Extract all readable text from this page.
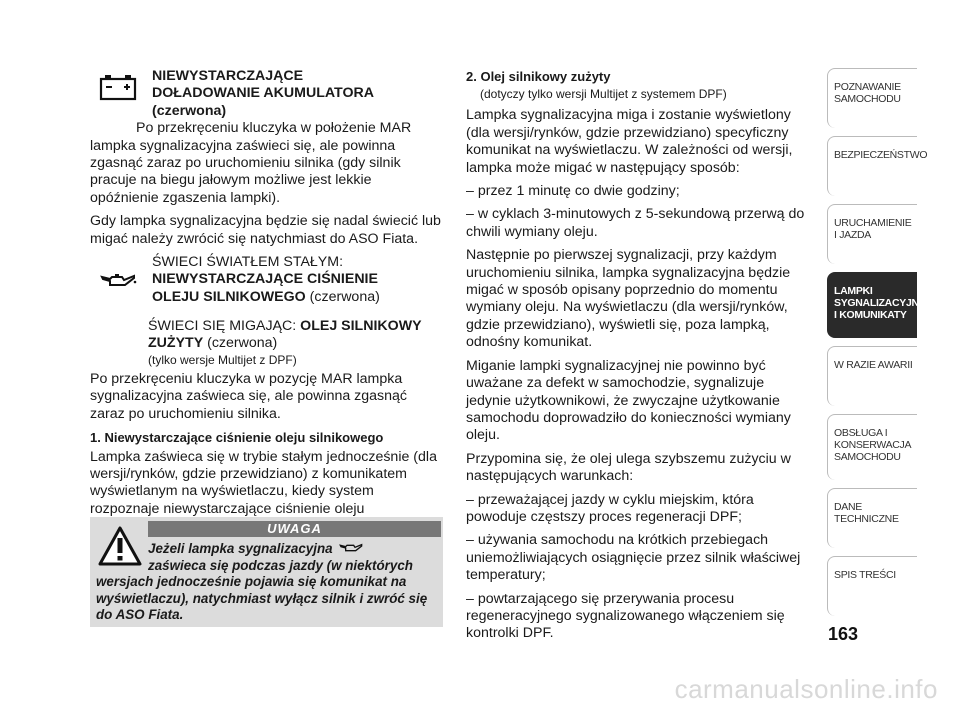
NIEWYSTARCZAJĄCE
DOŁADOWANIE AKUMULATORA
(czerwona)

Po przekręceniu kluczyka w położenie MAR lampka sygnalizacyjna zaświeci się, ale powinna zgasnąć zaraz po uruchomieniu silnika (gdy silnik pracuje na biegu jałowym możliwe jest lekkie opóźnienie zgaszenia lampki).

Gdy lampka sygnalizacyjna będzie się nadal świecić lub migać należy zwrócić się natychmiast do ASO Fiata.

ŚWIECI ŚWIATŁEM STAŁYM:
NIEWYSTARCZAJĄCE CIŚNIENIE
OLEJU SILNIKOWEGO (czerwona)
ŚWIECI SIĘ MIGAJĄC: OLEJ SILNIKOWY
ZUŻYTY (czerwona)
(tylko wersje Multijet z DPF)

Po przekręceniu kluczyka w pozycję MAR lampka sygnalizacyjna zaświeca się, ale powinna zgasnąć zaraz po uruchomieniu silnika.

1. Niewystarczające ciśnienie oleju silnikowego

Lampka zaświeca się w trybie stałym jednocześnie (dla wersji/rynków, gdzie przewidziano) z komunikatem wyświetlanym na wyświetlaczu, kiedy system rozpoznaje niewystarczające ciśnienie oleju

UWAGA
Jeżeli lampka sygnalizacyjna
zaświeca się podczas jazdy (w niektórych wersjach jednocześnie pojawia się komunikat na wyświetlaczu), natychmiast wyłącz silnik i zwróć się do ASO Fiata.

2. Olej silnikowy zużyty

(dotyczy tylko wersji Multijet z systemem DPF)

Lampka sygnalizacyjna miga i zostanie wyświetlony (dla wersji/rynków, gdzie przewidziano) specyficzny komunikat na wyświetlaczu. W zależności od wersji, lampka może migać w następujący sposób:

– przez 1 minutę co dwie godziny;

– w cyklach 3-minutowych z 5-sekundową przerwą do chwili wymiany oleju.

Następnie po pierwszej sygnalizacji, przy każdym uruchomieniu silnika, lampka sygnalizacyjna będzie migać w sposób opisany poprzednio do momentu wymiany oleju. Na wyświetlaczu (dla wersji/rynków, gdzie przewidziano), wyświetli się, poza lampką, odnośny komunikat.

Miganie lampki sygnalizacyjnej nie powinno być uważane za defekt w samochodzie, sygnalizuje jedynie użytkownikowi, że zwyczajne użytkowanie samochodu doprowadziło do konieczności wymiany oleju.

Przypomina się, że olej ulega szybszemu zużyciu w następujących warunkach:

– przeważającej jazdy w cyklu miejskim, która powoduje częstszy proces regeneracji DPF;

– używania samochodu na krótkich przebiegach uniemożliwiających osiągnięcie przez silnik właściwej temperatury;

– powtarzającego się przerywania procesu regeneracyjnego sygnalizowanego włączeniem się kontrolki DPF.

POZNAWANIE
SAMOCHODU
BEZPIECZEŃSTWO
URUCHAMIENIE
I JAZDA
LAMPKI
SYGNALIZACYJNE
I KOMUNIKATY
W RAZIE AWARII
OBSŁUGA I
KONSERWACJA
SAMOCHODU
DANE TECHNICZNE
SPIS TREŚCI
163
carmanualsonline.info
